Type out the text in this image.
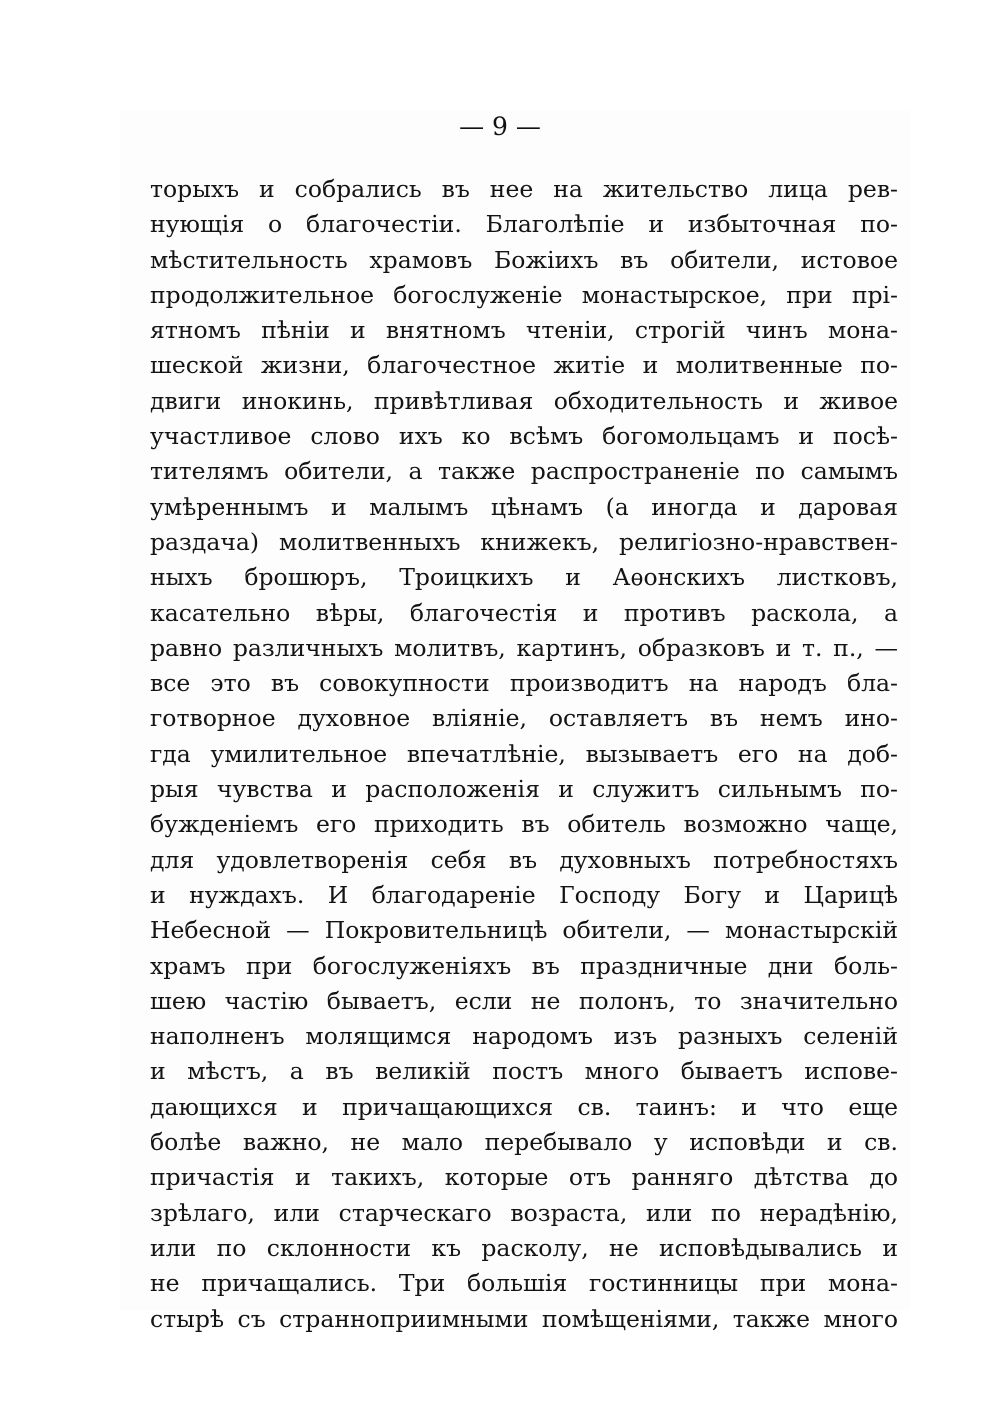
— 9 —
торыхъ и собрались въ нее на жительство лица рев-
нующія о благочестіи. Благолѣпіе и избыточная по-
мѣстительность храмовъ Божіихъ въ обители, истовое
продолжительное богослуженіе монастырское, при прі-
ятномъ пѣніи и внятномъ чтеніи, строгій чинъ мона-
шеской жизни, благочестное житіе и молитвенные по-
двиги инокинь, привѣтливая обходительность и живое
участливое слово ихъ ко всѣмъ богомольцамъ и посѣ-
тителямъ обители, а также распространеніе по самымъ
умѣреннымъ и малымъ цѣнамъ (а иногда и даровая
раздача) молитвенныхъ книжекъ, религіозно-нравствен-
ныхъ брошюръ, Троицкихъ и Аѳонскихъ листковъ,
касательно вѣры, благочестія и противъ раскола, а
равно различныхъ молитвъ, картинъ, образковъ и т. п., —
все это въ совокупности производитъ на народъ бла-
готворное духовное вліяніе, оставляетъ въ немъ ино-
гда умилительное впечатлѣніе, вызываетъ его на доб-
рыя чувства и расположенія и служитъ сильнымъ по-
бужденіемъ его приходить въ обитель возможно чаще,
для удовлетворенія себя въ духовныхъ потребностяхъ
и нуждахъ. И благодареніе Господу Богу и Царицѣ
Небесной — Покровительницѣ обители, — монастырскій
храмъ при богослуженіяхъ въ праздничные дни боль-
шею частію бываетъ, если не полонъ, то значительно
наполненъ молящимся народомъ изъ разныхъ селеній
и мѣстъ, а въ великій постъ много бываетъ испове-
дающихся и причащающихся св. таинъ: и что еще
болѣе важно, не мало перебывало у исповѣди и св.
причастія и такихъ, которые отъ ранняго дѣтства до
зрѣлаго, или старческаго возраста, или по нерадѣнію,
или по склонности къ расколу, не исповѣдывались и
не причащались. Три большія гостинницы при мона-
стырѣ съ странноприимными помѣщеніями, также много
